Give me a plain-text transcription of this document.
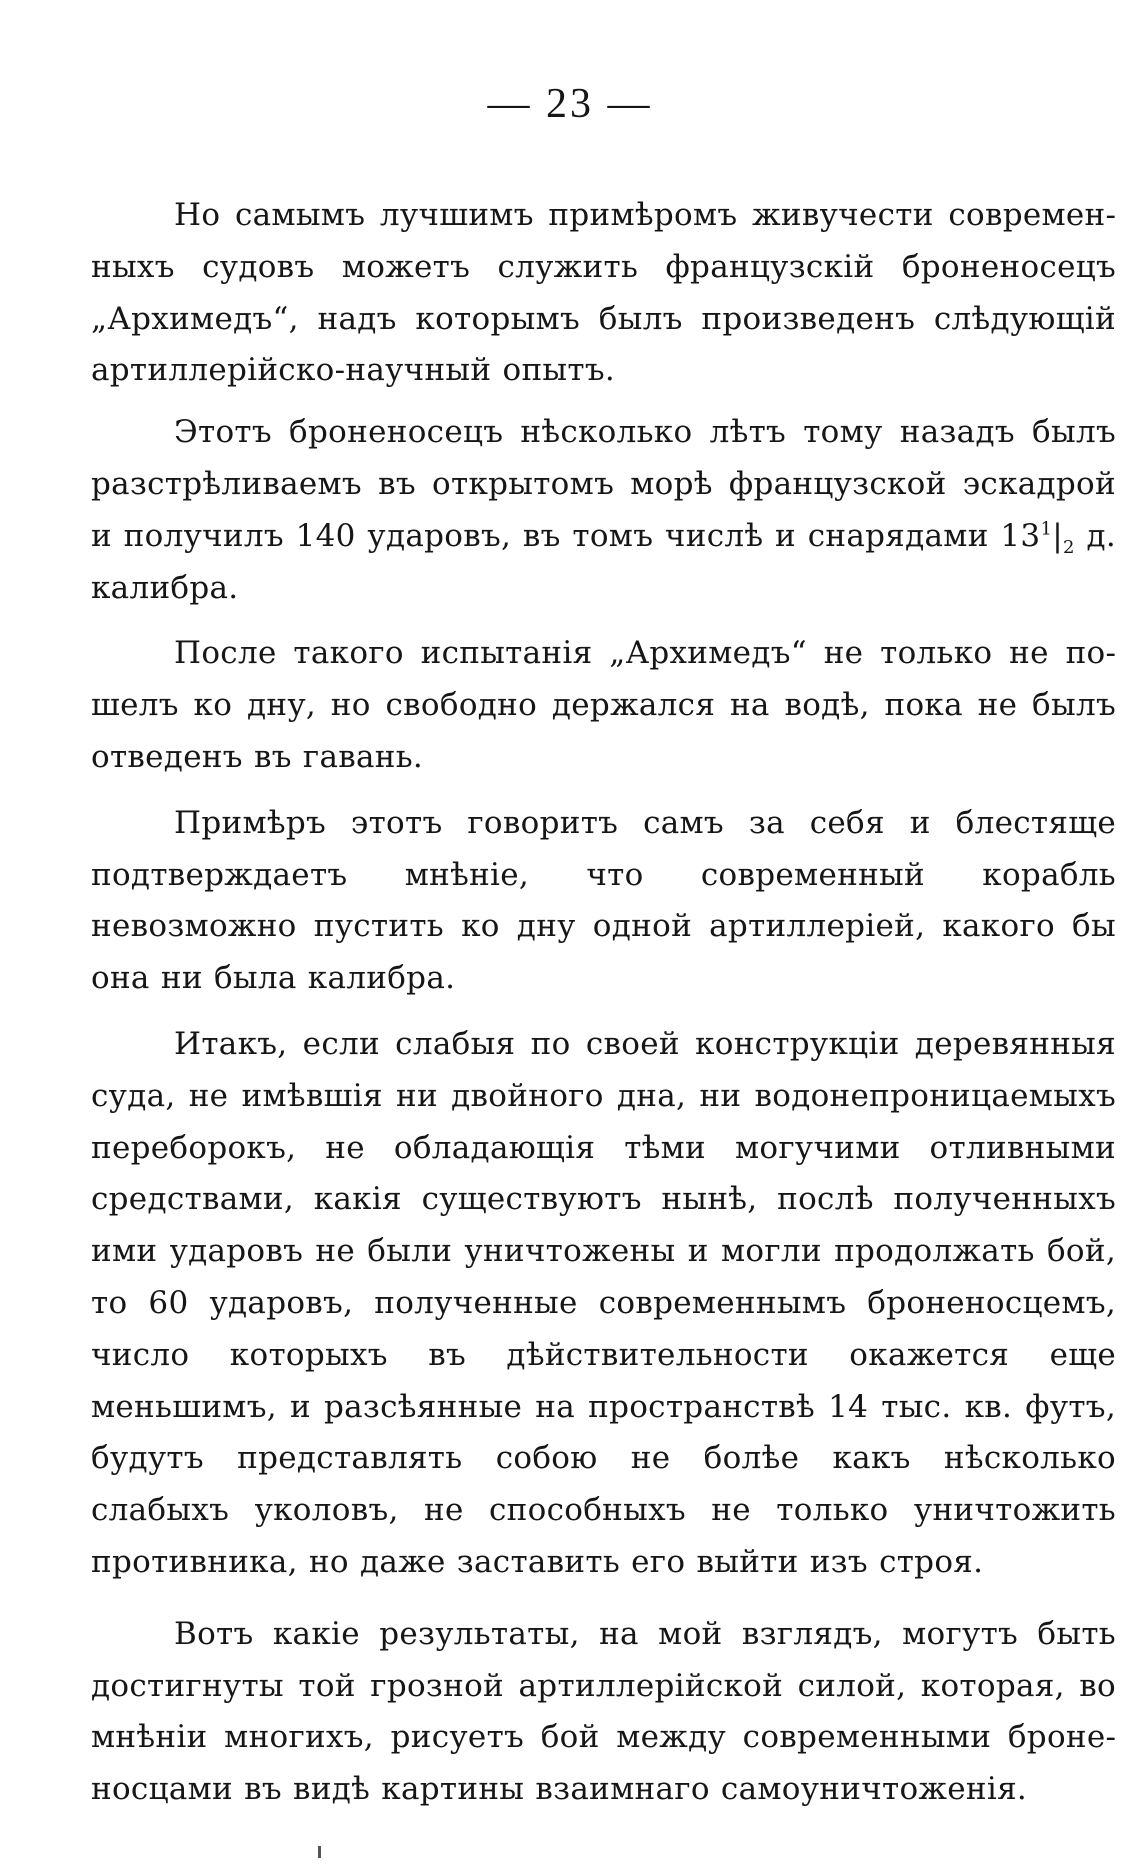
— 23 —

Но самымъ лучшимъ примѣромъ живучести современныхъ судовъ можетъ служить французскій броненосецъ „Архимедъ“, надъ которымъ былъ произведенъ слѣдующій артиллерійско-научный опытъ.

Этотъ броненосецъ нѣсколько лѣтъ тому назадъ былъ разстрѣливаемъ въ открытомъ морѣ французской эскадрой и получилъ 140 ударовъ, въ томъ числѣ и снарядами $13^1|_2$ д. калибра.

После такого испытанія „Архимедъ“ не только не пошелъ ко дну, но свободно держался на водѣ, пока не былъ отведенъ въ гавань.

Примѣръ этотъ говоритъ самъ за себя и блестяще подтверждаетъ мнѣніе, что современный корабль невозможно пустить ко дну одной артиллеріей, какого бы она ни была калибра.

Итакъ, если слабыя по своей конструкціи деревянныя суда, не имѣвшія ни двойного дна, ни водонепроницаемыхъ переборокъ, не обладающія тѣми могучими отливными средствами, какія существуютъ нынѣ, послѣ полученныхъ ими ударовъ не были уничтожены и могли продолжать бой, то 60 ударовъ, полученные современнымъ броненосцемъ, число которыхъ въ дѣйствительности окажется еще меньшимъ, и разсѣянные на пространствѣ 14 тыс. кв. футъ, будутъ представлять собою не болѣе какъ нѣсколько слабыхъ уколовъ, не способныхъ не только уничтожить противника, но даже заставить его выйти изъ строя.

Вотъ какіе результаты, на мой взглядъ, могутъ быть достигнуты той грозной артиллерійской силой, которая, во мнѣніи многихъ, рисуетъ бой между современными броненосцами въ видѣ картины взаимнаго самоуничтоженія.
